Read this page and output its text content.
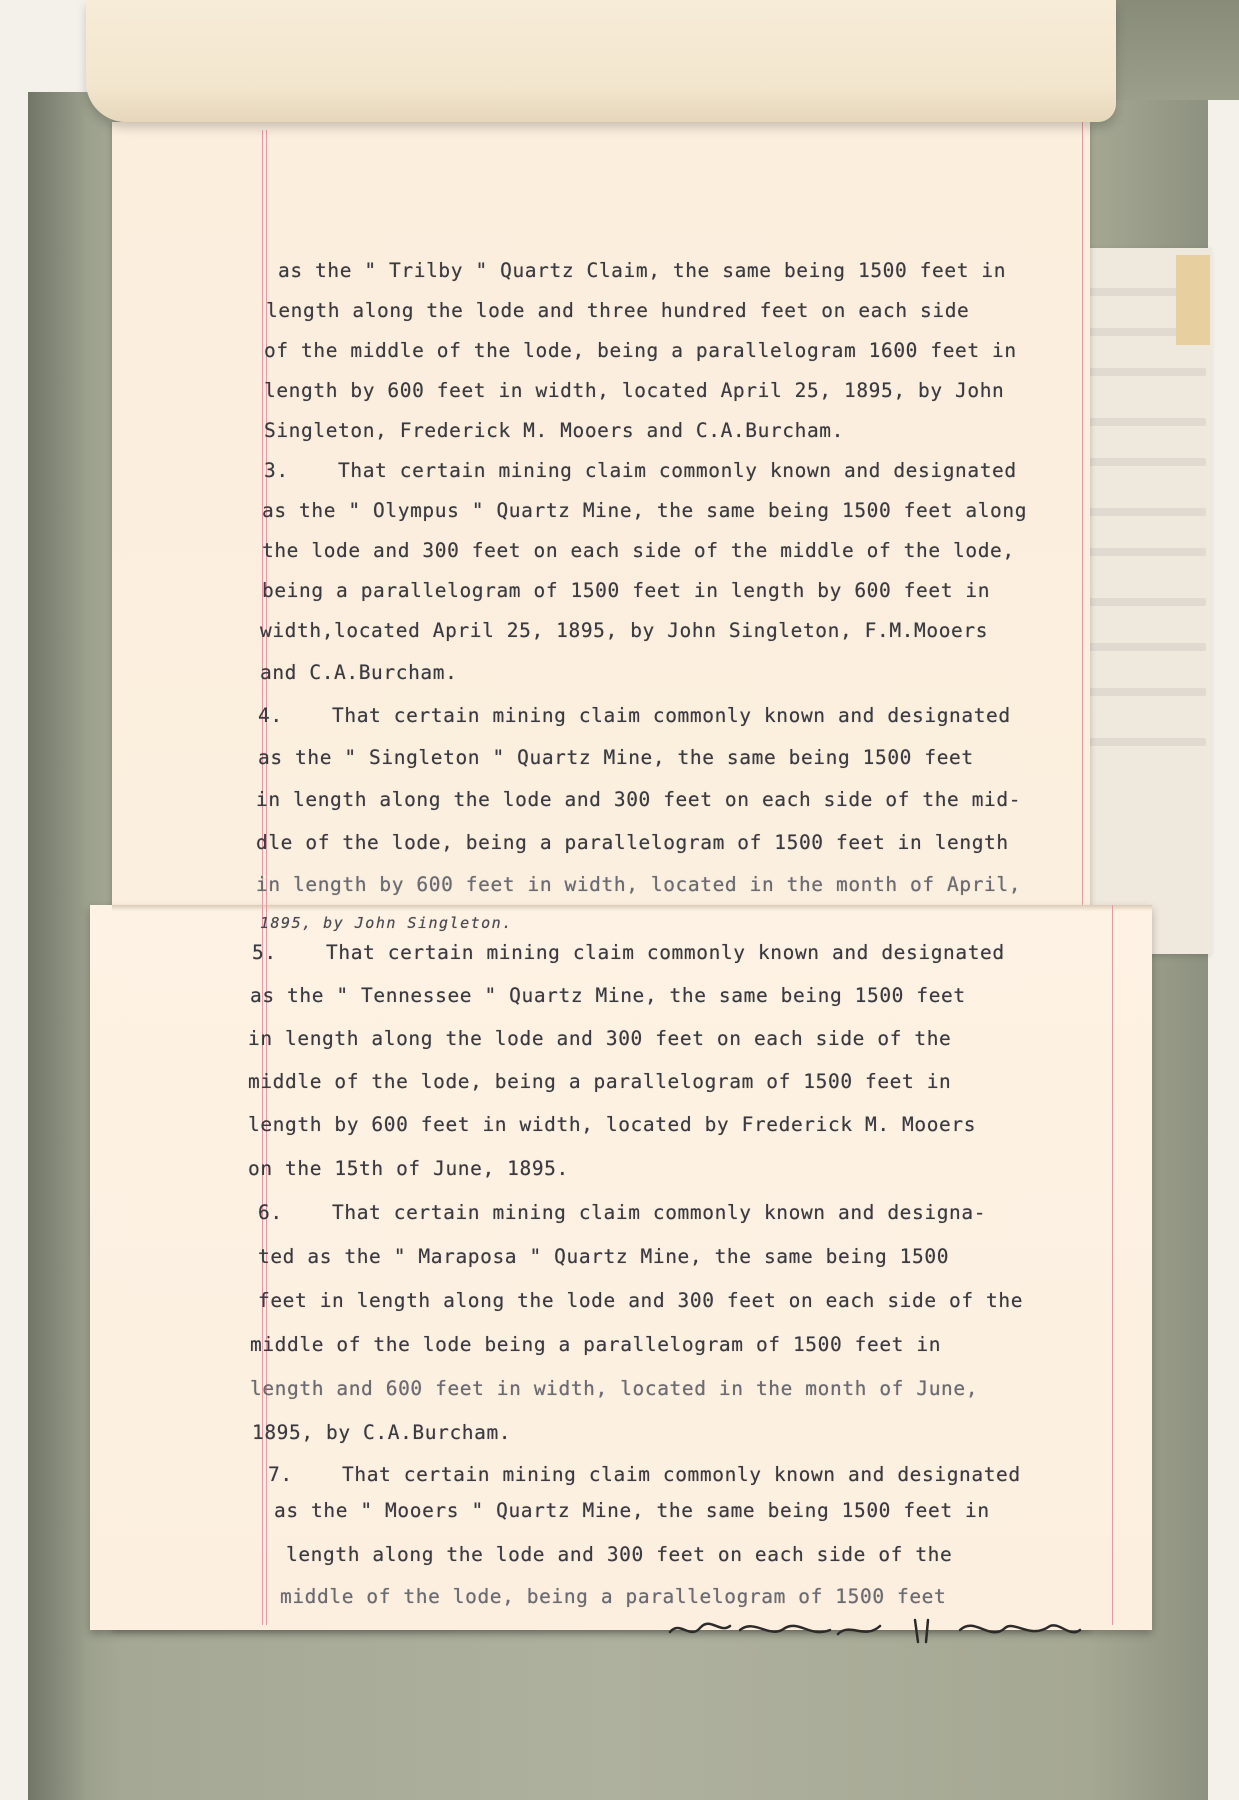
as the " Trilby " Quartz Claim, the same being 1500 feet in
length along the lode and three hundred feet on each side
of the middle of the lode, being a parallelogram 1600 feet in
length by 600 feet in width, located April 25, 1895, by John
Singleton, Frederick M. Mooers and C.A.Burcham.
3.    That certain mining claim commonly known and designated
as the " Olympus " Quartz Mine, the same being 1500 feet along
the lode and 300 feet on each side of the middle of the lode,
being a parallelogram of 1500 feet in length by 600 feet in
width,located April 25, 1895, by John Singleton, F.M.Mooers
and C.A.Burcham.
4.    That certain mining claim commonly known and designated
as the " Singleton " Quartz Mine, the same being 1500 feet
in length along the lode and 300 feet on each side of the mid-
dle of the lode, being a parallelogram of 1500 feet in length
in length by 600 feet in width, located in the month of April,
1895, by John Singleton.
5.    That certain mining claim commonly known and designated
as the " Tennessee " Quartz Mine, the same being 1500 feet
in length along the lode and 300 feet on each side of the
middle of the lode, being a parallelogram of 1500 feet in
length by 600 feet in width, located by Frederick M. Mooers
on the 15th of June, 1895.
6.    That certain mining claim commonly known and designa-
ted as the " Maraposa " Quartz Mine, the same being 1500
feet in length along the lode and 300 feet on each side of the
middle of the lode being a parallelogram of 1500 feet in
length and 600 feet in width, located in the month of June,
1895, by C.A.Burcham.
7.    That certain mining claim commonly known and designated
as the " Mooers " Quartz Mine, the same being 1500 feet in
length along the lode and 300 feet on each side of the
middle of the lode, being a parallelogram of 1500 feet
